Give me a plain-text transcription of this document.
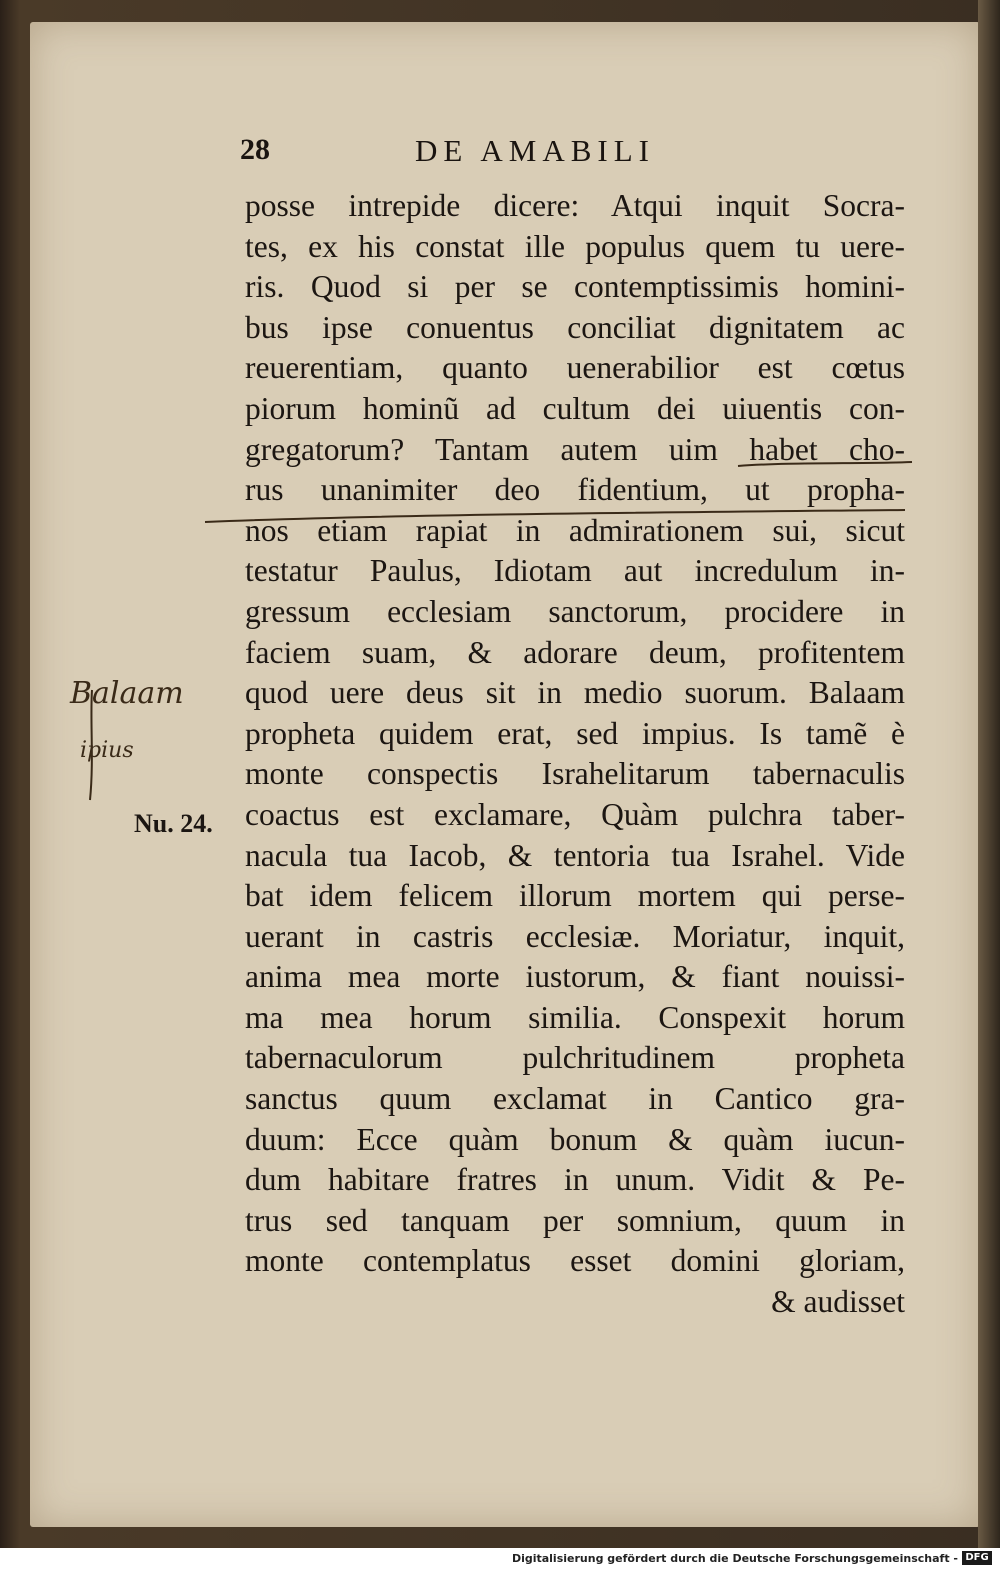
28	DE AMABILI
posse intrepide dicere: Atqui inquit Socra-
tes, ex his constat ille populus quem tu uere-
ris. Quod si per se contemptissimis homini-
bus ipse conuentus conciliat dignitatem ac
reuerentiam, quanto uenerabilior est cœtus
piorum hominũ ad cultum dei uiuentis con-
gregatorum? Tantam autem uim habet cho-
rus unanimiter deo fidentium, ut propha-
nos etiam rapiat in admirationem sui, sicut
testatur Paulus, Idiotam aut incredulum in-
gressum ecclesiam sanctorum, procidere in
faciem suam, & adorare deum, profitentem
quod uere deus sit in medio suorum. Balaam
propheta quidem erat, sed impius. Is tamẽ è
monte conspectis Israhelitarum tabernaculis
coactus est exclamare, Quàm pulchra taber-
nacula tua Iacob, & tentoria tua Israhel. Vide
bat idem felicem illorum mortem qui perse-
uerant in castris ecclesiæ. Moriatur, inquit,
anima mea morte iustorum, & fiant nouissi-
ma mea horum similia. Conspexit horum
tabernaculorum pulchritudinem propheta
sanctus quum exclamat in Cantico gra-
duum: Ecce quàm bonum & quàm iucun-
dum habitare fratres in unum. Vidit & Pe-
trus sed tanquam per somnium, quum in
monte contemplatus esset domini gloriam,
& audisset
Balaam
ipius
Nu. 24.
Digitalisierung gefördert durch die Deutsche Forschungsgemeinschaft - DFG
